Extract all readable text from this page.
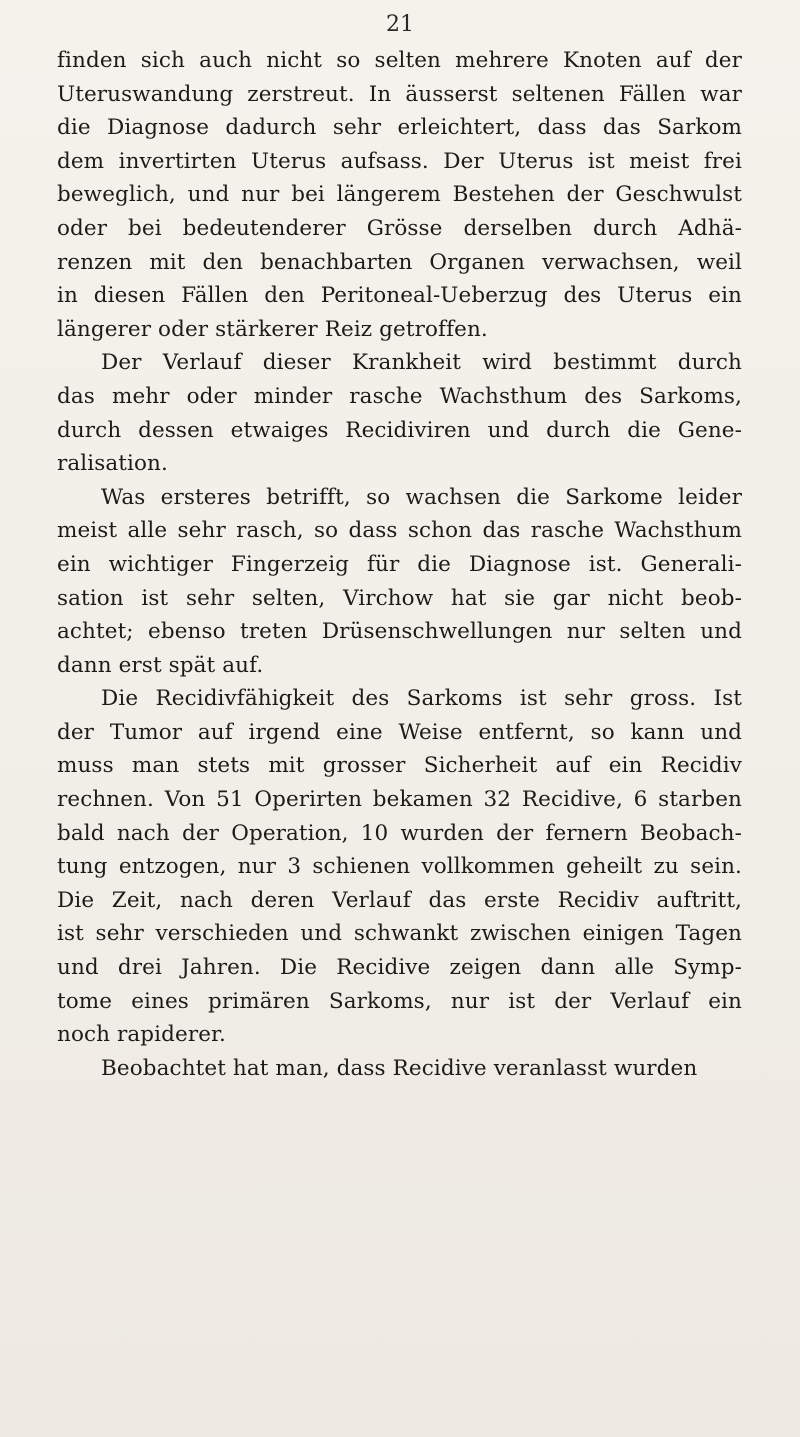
21
finden sich auch nicht so selten mehrere Knoten auf der
Uteruswandung zerstreut. In äusserst seltenen Fällen war
die Diagnose dadurch sehr erleichtert, dass das Sarkom
dem invertirten Uterus aufsass. Der Uterus ist meist frei
beweglich, und nur bei längerem Bestehen der Geschwulst
oder bei bedeutenderer Grösse derselben durch Adhä-
renzen mit den benachbarten Organen verwachsen, weil
in diesen Fällen den Peritoneal-Ueberzug des Uterus ein
längerer oder stärkerer Reiz getroffen.
Der Verlauf dieser Krankheit wird bestimmt durch
das mehr oder minder rasche Wachsthum des Sarkoms,
durch dessen etwaiges Recidiviren und durch die Gene-
ralisation.
Was ersteres betrifft, so wachsen die Sarkome leider
meist alle sehr rasch, so dass schon das rasche Wachsthum
ein wichtiger Fingerzeig für die Diagnose ist. Generali-
sation ist sehr selten, Virchow hat sie gar nicht beob-
achtet; ebenso treten Drüsenschwellungen nur selten und
dann erst spät auf.
Die Recidivfähigkeit des Sarkoms ist sehr gross. Ist
der Tumor auf irgend eine Weise entfernt, so kann und
muss man stets mit grosser Sicherheit auf ein Recidiv
rechnen. Von 51 Operirten bekamen 32 Recidive, 6 starben
bald nach der Operation, 10 wurden der fernern Beobach-
tung entzogen, nur 3 schienen vollkommen geheilt zu sein.
Die Zeit, nach deren Verlauf das erste Recidiv auftritt,
ist sehr verschieden und schwankt zwischen einigen Tagen
und drei Jahren. Die Recidive zeigen dann alle Symp-
tome eines primären Sarkoms, nur ist der Verlauf ein
noch rapiderer.
Beobachtet hat man, dass Recidive veranlasst wurden
